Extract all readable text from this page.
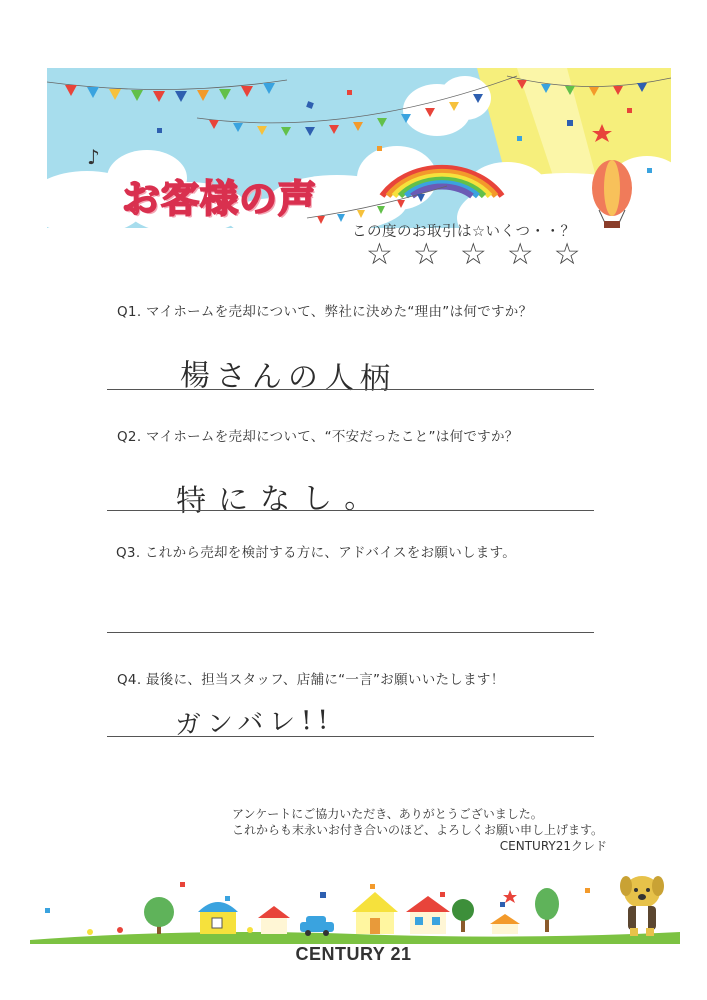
♪
お客様の声
この度のお取引は☆いくつ・・？
☆ ☆ ☆ ☆ ☆
Q1. マイホームを売却について、弊社に決めた“理由”は何ですか？
楊さんの人柄
Q2. マイホームを売却について、“不安だったこと”は何ですか？
特になし。
Q3. これから売却を検討する方に、アドバイスをお願いします。
Q4. 最後に、担当スタッフ、店舗に“一言”お願いいたします！
ガンバレ!!
アンケートにご協力いただき、ありがとうございました。
これからも末永いお付き合いのほど、よろしくお願い申し上げます。
CENTURY21クレド
CENTURY 21
